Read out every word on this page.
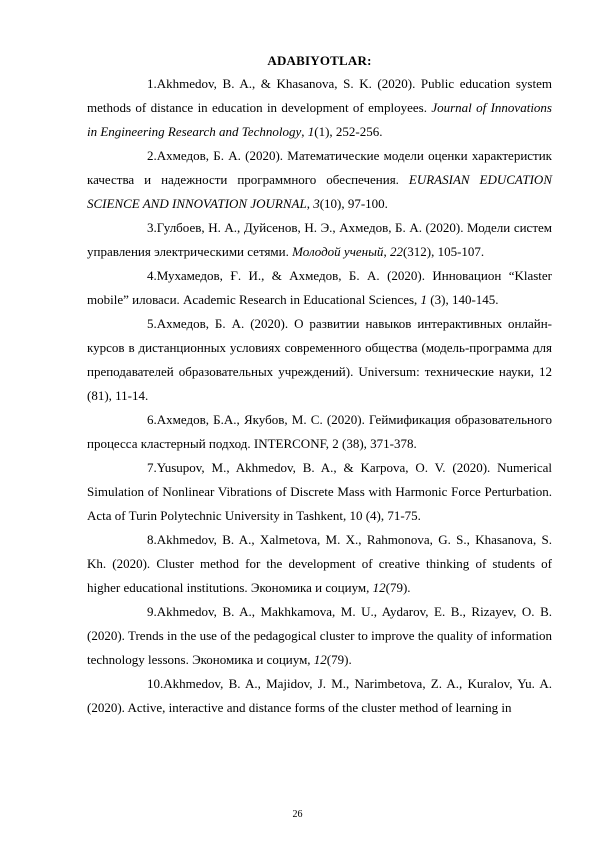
ADABIYOTLAR:

1.Akhmedov, B. A., & Khasanova, S. K. (2020). Public education system methods of distance in education in development of employees. Journal of Innovations in Engineering Research and Technology, 1(1), 252-256.

2.Ахмедов, Б. А. (2020). Математические модели оценки характеристик качества и надежности программного обеспечения. EURASIAN EDUCATION SCIENCE AND INNOVATION JOURNAL, 3(10), 97-100.

3.Гулбоев, Н. А., Дуйсенов, Н. Э., Ахмедов, Б. А. (2020). Модели систем управления электрическими сетями. Молодой ученый, 22(312), 105-107.

4.Мухамедов, Ғ. И., & Ахмедов, Б. А. (2020). Инновацион “Klaster mobile” иловаси. Academic Research in Educational Sciences, 1 (3), 140-145.

5.Ахмедов, Б. А. (2020). О развитии навыков интерактивных онлайн-курсов в дистанционных условиях современного общества (модель-программа для преподавателей образовательных учреждений). Universum: технические науки, 12 (81), 11-14.

6.Ахмедов, Б.А., Якубов, М. С. (2020). Геймификация образовательного процесса кластерный подход. INTERCONF, 2 (38), 371-378.

7.Yusupov, M., Akhmedov, B. A., & Karpova, O. V. (2020). Numerical Simulation of Nonlinear Vibrations of Discrete Mass with Harmonic Force Perturbation. Acta of Turin Polytechnic University in Tashkent, 10 (4), 71-75.

8.Akhmedov, B. A., Xalmetova, M. X., Rahmonova, G. S., Khasanova, S. Kh. (2020). Cluster method for the development of creative thinking of students of higher educational institutions. Экономика и социум, 12(79).

9.Akhmedov, B. A., Makhkamova, M. U., Aydarov, E. B., Rizayev, O. B. (2020). Trends in the use of the pedagogical cluster to improve the quality of information technology lessons. Экономика и социум, 12(79).

10.Akhmedov, B. A., Majidov, J. M., Narimbetova, Z. A., Kuralov, Yu. A. (2020). Active, interactive and distance forms of the cluster method of learning in

26
